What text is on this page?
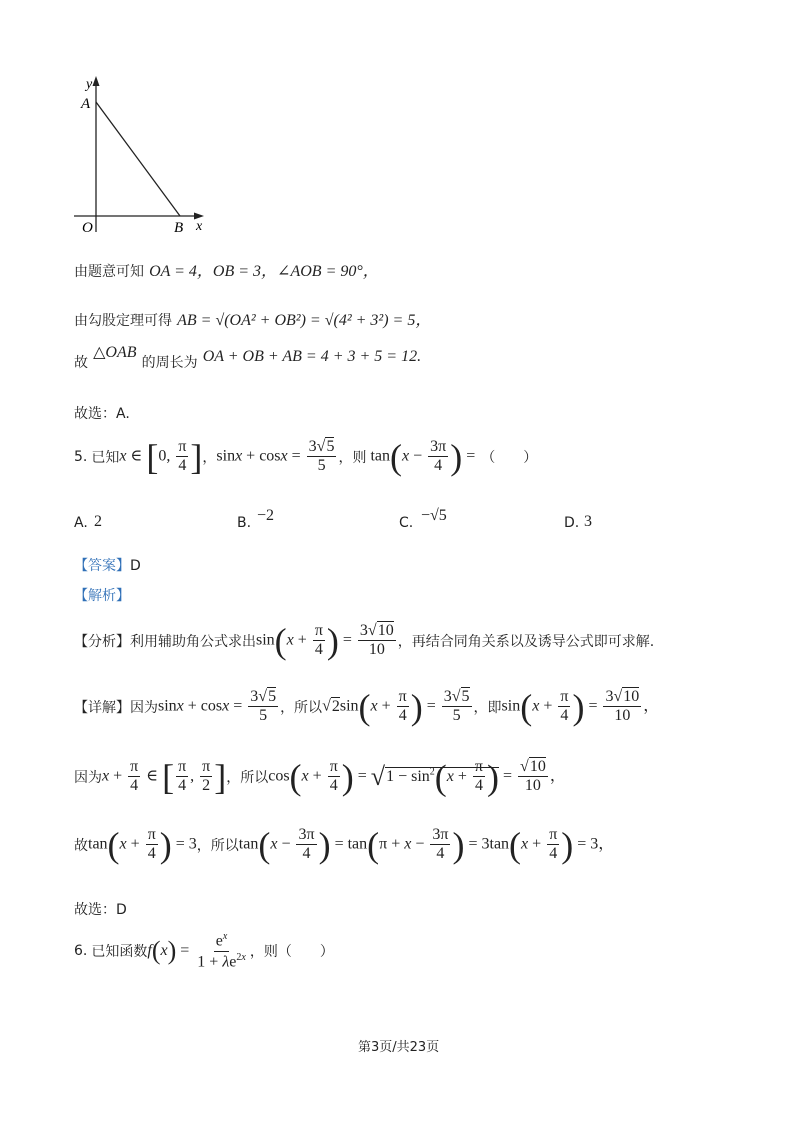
y
A
O	B x
由题意可知 OA = 4，OB = 3，∠AOB = 90°，
由勾股定理可得 AB = √(OA² + OB²) = √(4² + 3²) = 5，
故 △OAB 的周长为 OA + OB + AB = 4 + 3 + 5 = 12.
故选：A.
5. 已知 x ∈ [0, $\frac{\pi}{4}$ ] ， $\sin x + \cos x = \frac{3√5}{5}$ ，则 $\tan(x - \frac{3\pi}{4}$ ) = （　　）
A. 2	B. −2	C. −√5	D. 3
【答案】D
【解析】
【分析】 利用辅助角公式求出 $\sin(x + \frac{\pi}{4}$ ) = $\frac{3√10}{10}$ ，再结合同角关系以及诱导公式即可求解.
【详解】 因为 $\sin x + \cos x = \frac{3√5}{5}$ ，所以 $√2\sin(x + \frac{\pi}{4}$ ) = $\frac{3√5}{5}$ ，即 $\sin(x + \frac{\pi}{4}$ ) = $\frac{3√10}{10}$ ，
因为 $x + \frac{\pi}{4}$ ∈ [ $\frac{\pi}{4}$ , $\frac{\pi}{2}$ ] ，所以 $\cos(x + \frac{\pi}{4}$ ) = $√1 - \sin^2(x + \frac{\pi}{4}$ ) = $\frac{√10}{10}$ ，
故 $\tan(x + \frac{\pi}{4}$ ) = 3 ，所以 $\tan(x - \frac{3\pi}{4}$ ) = $\tan(\pi + x - \frac{3\pi}{4}$ ) = $3\tan(x + \frac{\pi}{4}$ ) = 3，
故选：D
6. 已知函数 $f(x) = \frac{e^x}{1 + \lambda e^{2x}}$ ，则（　　）
第3页/共23页
